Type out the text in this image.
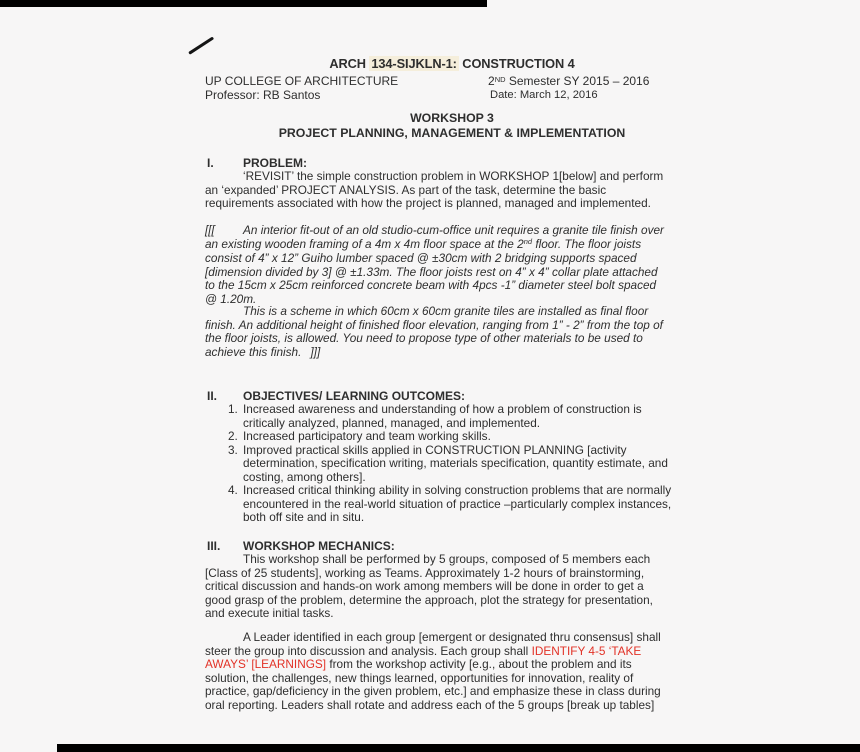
ARCH 134-SIJKLN-1: CONSTRUCTION 4
UP COLLEGE OF ARCHITECTURE	2ND Semester SY 2015 – 2016
Professor: RB Santos	Date: March 12, 2016
WORKSHOP 3
PROJECT PLANNING, MANAGEMENT & IMPLEMENTATION
I. PROBLEM:
‘REVISIT’ the simple construction problem in WORKSHOP 1[below] and perform
an ‘expanded’ PROJECT ANALYSIS. As part of the task, determine the basic
requirements associated with how the project is planned, managed and implemented.
[[[ An interior fit-out of an old studio-cum-office unit requires a granite tile finish over
an existing wooden framing of a 4m x 4m floor space at the 2nd floor. The floor joists
consist of 4” x 12” Guiho lumber spaced @ ±30cm with 2 bridging supports spaced
[dimension divided by 3] @ ±1.33m. The floor joists rest on 4” x 4” collar plate attached
to the 15cm x 25cm reinforced concrete beam with 4pcs -1” diameter steel bolt spaced
@ 1.20m.
This is a scheme in which 60cm x 60cm granite tiles are installed as final floor
finish. An additional height of finished floor elevation, ranging from 1” - 2” from the top of
the floor joists, is allowed. You need to propose type of other materials to be used to
achieve this finish. ]]]
II. OBJECTIVES/ LEARNING OUTCOMES:
1. Increased awareness and understanding of how a problem of construction is
critically analyzed, planned, managed, and implemented.
2. Increased participatory and team working skills.
3. Improved practical skills applied in CONSTRUCTION PLANNING [activity
determination, specification writing, materials specification, quantity estimate, and
costing, among others].
4. Increased critical thinking ability in solving construction problems that are normally
encountered in the real-world situation of practice –particularly complex instances,
both off site and in situ.
III. WORKSHOP MECHANICS:
This workshop shall be performed by 5 groups, composed of 5 members each
[Class of 25 students], working as Teams. Approximately 1-2 hours of brainstorming,
critical discussion and hands-on work among members will be done in order to get a
good grasp of the problem, determine the approach, plot the strategy for presentation,
and execute initial tasks.
A Leader identified in each group [emergent or designated thru consensus] shall
steer the group into discussion and analysis. Each group shall IDENTIFY 4-5 ‘TAKE
AWAYS’ [LEARNINGS] from the workshop activity [e.g., about the problem and its
solution, the challenges, new things learned, opportunities for innovation, reality of
practice, gap/deficiency in the given problem, etc.] and emphasize these in class during
oral reporting. Leaders shall rotate and address each of the 5 groups [break up tables]
